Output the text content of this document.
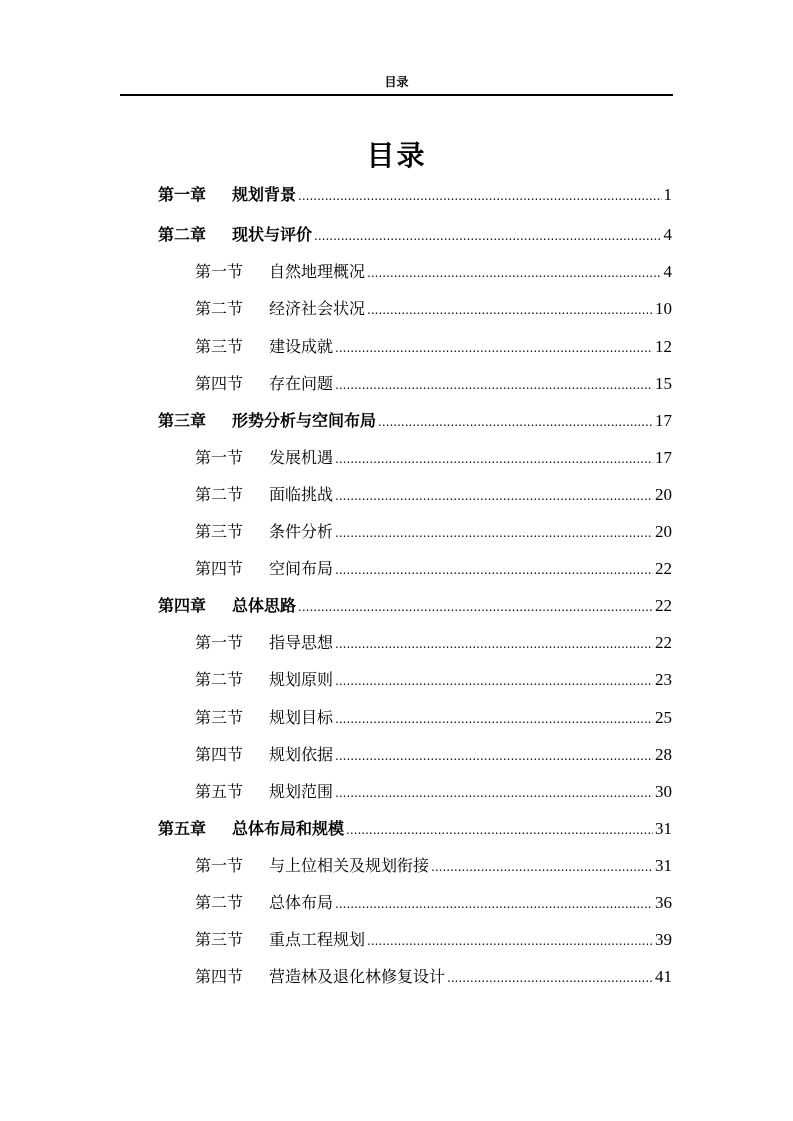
目录
目录
第一章	规划背景 .....	1
第二章	现状与评价 .....	4
第一节	自然地理概况 .....	4
第二节	经济社会状况 .....	10
第三节	建设成就 .....	12
第四节	存在问题 .....	15
第三章	形势分析与空间布局 .....	17
第一节	发展机遇 .....	17
第二节	面临挑战 .....	20
第三节	条件分析 .....	20
第四节	空间布局 .....	22
第四章	总体思路 .....	22
第一节	指导思想 .....	22
第二节	规划原则 .....	23
第三节	规划目标 .....	25
第四节	规划依据 .....	28
第五节	规划范围 .....	30
第五章	总体布局和规模 .....	31
第一节	与上位相关及规划衔接 .....	31
第二节	总体布局 .....	36
第三节	重点工程规划 .....	39
第四节	营造林及退化林修复设计 .....	41
